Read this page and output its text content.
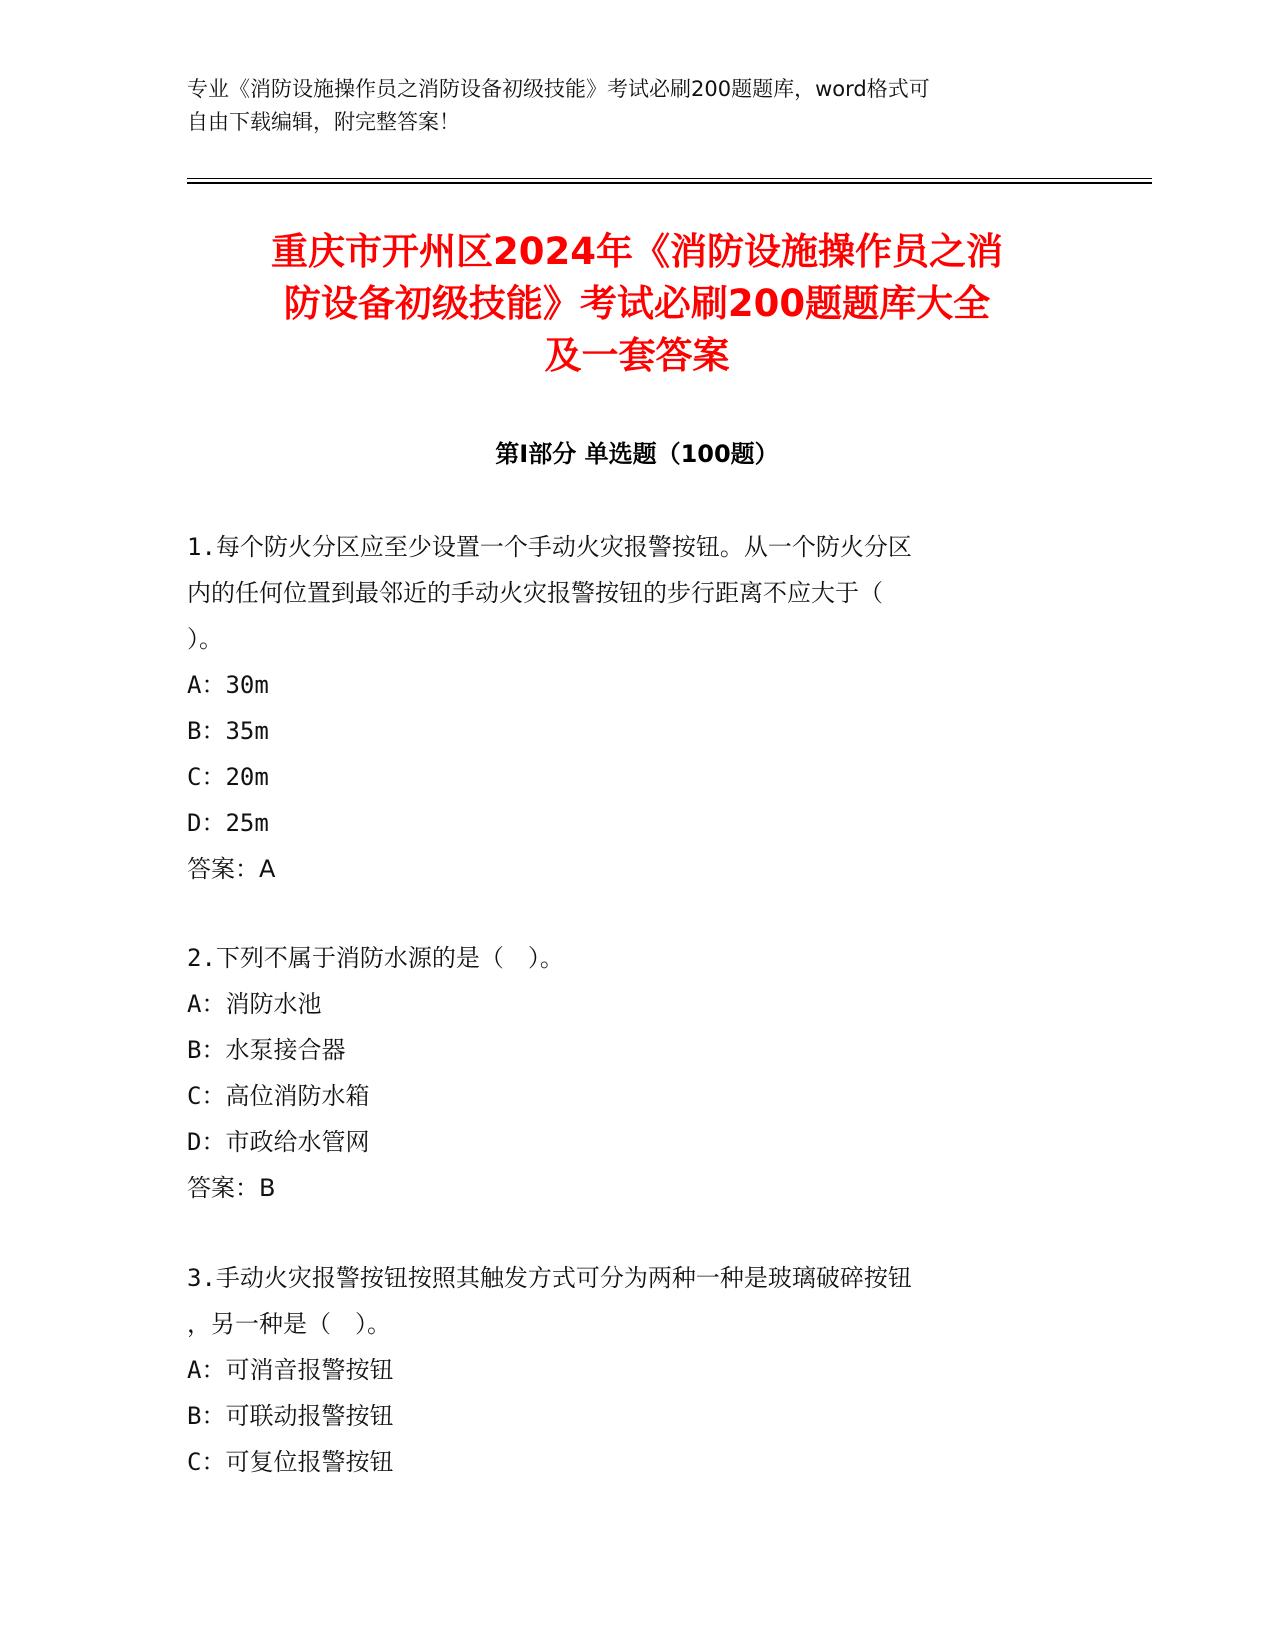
专业《消防设施操作员之消防设备初级技能》考试必刷200题题库，word格式可
自由下载编辑，附完整答案！
重庆市开州区2024年《消防设施操作员之消
防设备初级技能》考试必刷200题题库大全
及一套答案
第I部分 单选题（100题）
1.每个防火分区应至少设置一个手动火灾报警按钮。从一个防火分区
内的任何位置到最邻近的手动火灾报警按钮的步行距离不应大于（
）。
A：30m
B：35m
C：20m
D：25m
答案：A
2.下列不属于消防水源的是（　）。
A：消防水池
B：水泵接合器
C：高位消防水箱
D：市政给水管网
答案：B
3.手动火灾报警按钮按照其触发方式可分为两种一种是玻璃破碎按钮
，另一种是（　）。
A：可消音报警按钮
B：可联动报警按钮
C：可复位报警按钮
